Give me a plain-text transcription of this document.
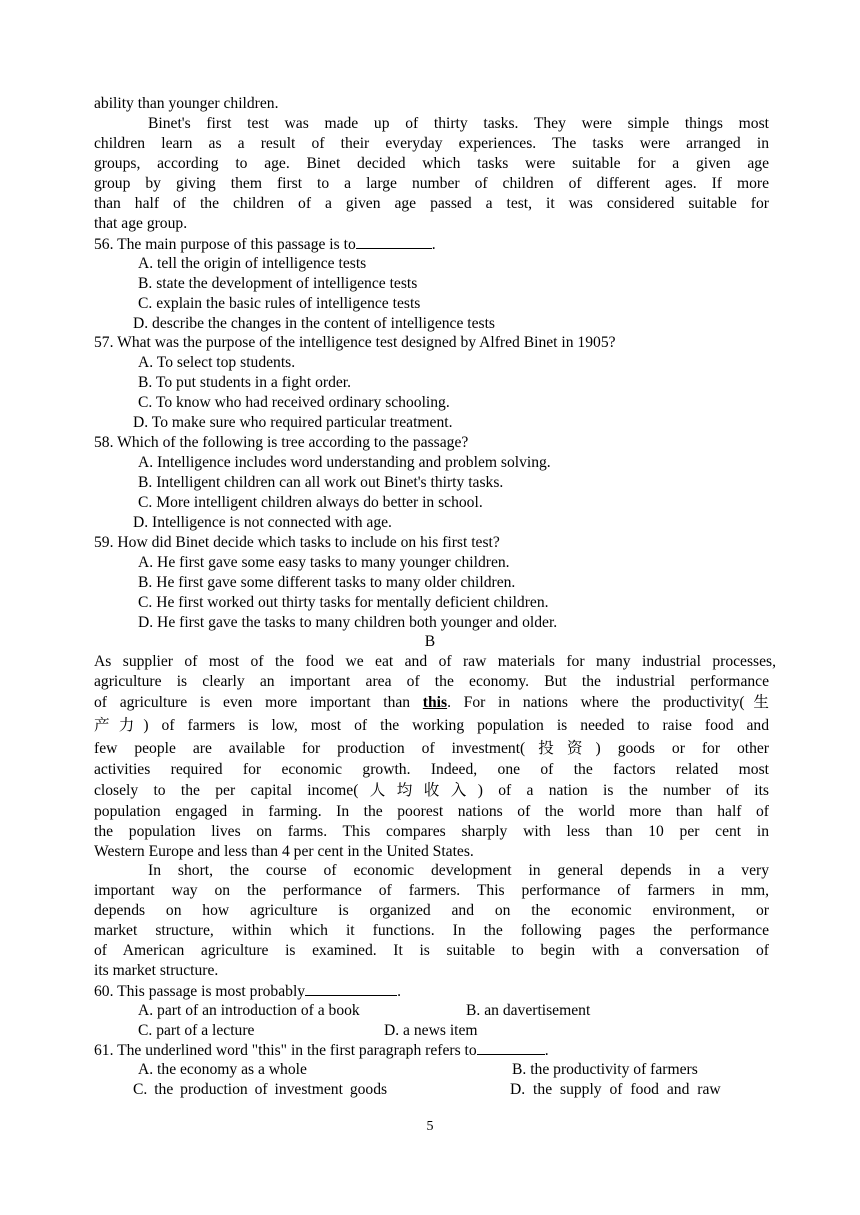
ability than younger children.
Binet's first test was made up of thirty tasks. They were simple things most
children learn as a result of their everyday experiences. The tasks were arranged in
groups, according to age. Binet decided which tasks were suitable for a given age
group by giving them first to a large number of children of different ages. If more
than half of the children of a given age passed a test, it was considered suitable for
that age group.
56. The main purpose of this passage is to	.
A. tell the origin of intelligence tests
B. state the development of intelligence tests
C. explain the basic rules of intelligence tests
D. describe the changes in the content of intelligence tests
57. What was the purpose of the intelligence test designed by Alfred Binet in 1905?
A. To select top students.
B. To put students in a fight order.
C. To know who had received ordinary schooling.
D. To make sure who required particular treatment.
58. Which of the following is tree according to the passage?
A. Intelligence includes word understanding and problem solving.
B. Intelligent children can all work out Binet's thirty tasks.
C. More intelligent children always do better in school.
D. Intelligence is not connected with age.
59. How did Binet decide which tasks to include on his first test?
A. He first gave some easy tasks to many younger children.
B. He first gave some different tasks to many older children.
C. He first worked out thirty tasks for mentally deficient children.
D. He first gave the tasks to many children both younger and older.
B
As supplier of most of the food we eat and of raw materials for many industrial processes,
agriculture is clearly an important area of the economy. But the industrial performance
of agriculture is even more important than this. For in nations where the productivity(生
产力) of farmers is low, most of the working population is needed to raise food and
few people are available for production of investment(投资) goods or for other
activities required for economic growth. Indeed, one of the factors related most
closely to the per capital income(人均收入) of a nation is the number of its
population engaged in farming. In the poorest nations of the world more than half of
the population lives on farms. This compares sharply with less than 10 per cent in
Western Europe and less than 4 per cent in the United States.
In short, the course of economic development in general depends in a very
important way on the performance of farmers. This performance of farmers in mm,
depends on how agriculture is organized and on the economic environment, or
market structure, within which it functions. In the following pages the performance
of American agriculture is examined. It is suitable to begin with a conversation of
its market structure.
60. This passage is most probably	.
A. part of an introduction of a book	B. an davertisement
C. part of a lecture	D. a news item
61. The underlined word "this" in the first paragraph refers to	.
A. the economy as a whole	B. the productivity of farmers
C. the production of investment goods	D. the supply of food and raw
5
